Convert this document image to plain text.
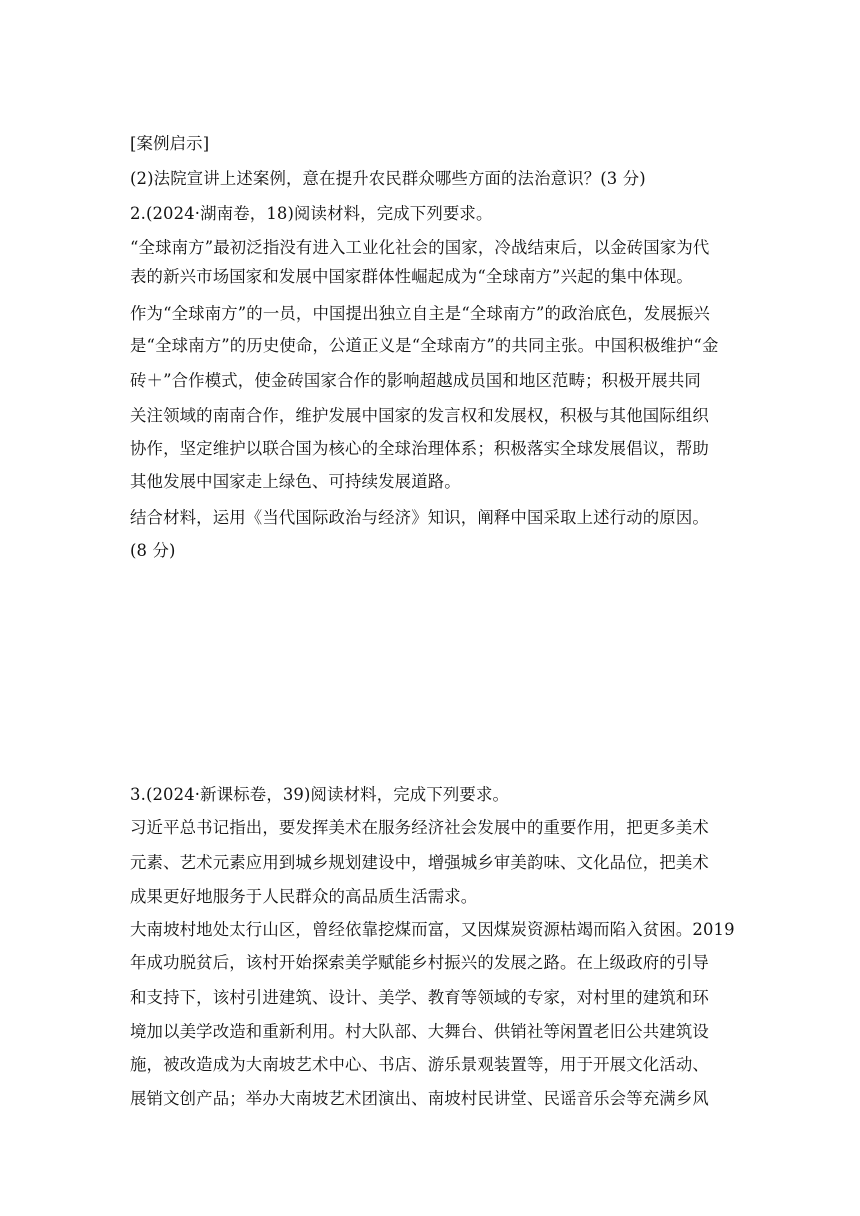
[案例启示]
(2)法院宣讲上述案例，意在提升农民群众哪些方面的法治意识？(3 分)
2.(2024·湖南卷，18)阅读材料，完成下列要求。
“全球南方”最初泛指没有进入工业化社会的国家，冷战结束后，以金砖国家为代
表的新兴市场国家和发展中国家群体性崛起成为“全球南方”兴起的集中体现。
作为“全球南方”的一员，中国提出独立自主是“全球南方”的政治底色，发展振兴
是“全球南方”的历史使命，公道正义是“全球南方”的共同主张。中国积极维护“金
砖＋”合作模式，使金砖国家合作的影响超越成员国和地区范畴；积极开展共同
关注领域的南南合作，维护发展中国家的发言权和发展权，积极与其他国际组织
协作，坚定维护以联合国为核心的全球治理体系；积极落实全球发展倡议，帮助
其他发展中国家走上绿色、可持续发展道路。
结合材料，运用《当代国际政治与经济》知识，阐释中国采取上述行动的原因。
(8 分)
3.(2024·新课标卷，39)阅读材料，完成下列要求。
习近平总书记指出，要发挥美术在服务经济社会发展中的重要作用，把更多美术
元素、艺术元素应用到城乡规划建设中，增强城乡审美韵味、文化品位，把美术
成果更好地服务于人民群众的高品质生活需求。
大南坡村地处太行山区，曾经依靠挖煤而富，又因煤炭资源枯竭而陷入贫困。2019
年成功脱贫后，该村开始探索美学赋能乡村振兴的发展之路。在上级政府的引导
和支持下，该村引进建筑、设计、美学、教育等领域的专家，对村里的建筑和环
境加以美学改造和重新利用。村大队部、大舞台、供销社等闲置老旧公共建筑设
施，被改造成为大南坡艺术中心、书店、游乐景观装置等，用于开展文化活动、
展销文创产品；举办大南坡艺术团演出、南坡村民讲堂、民谣音乐会等充满乡风
